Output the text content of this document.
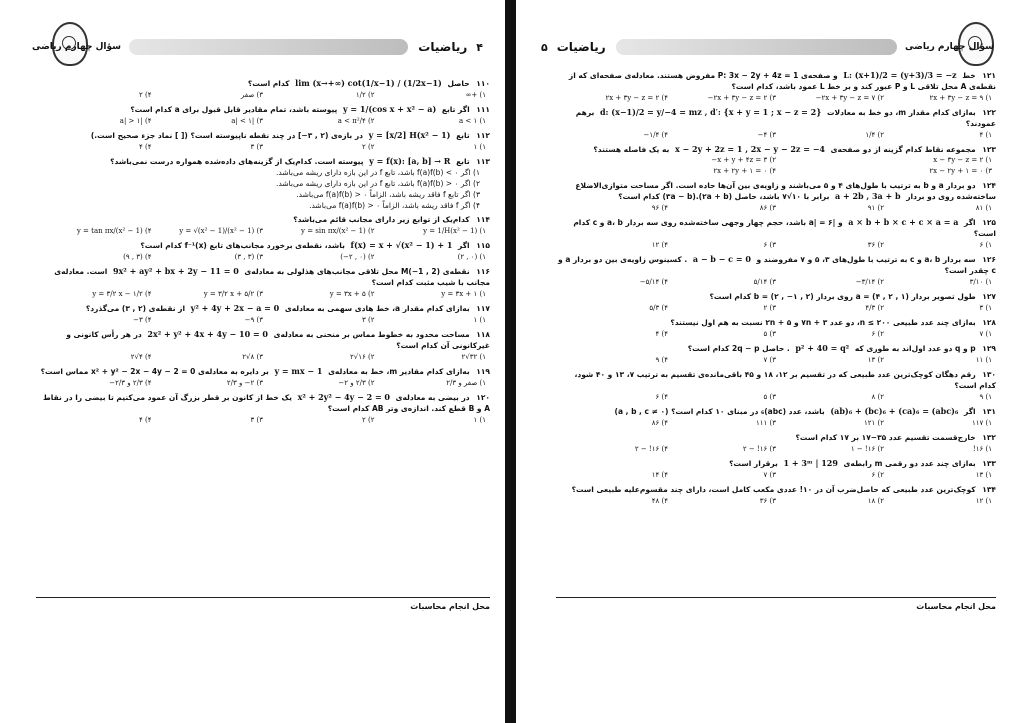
۴
ریاضیات
سؤال چهارم ریاضی
۱۱۰ حاصل lim (x→+∞) cot(1/x−1) / (1/2x−1) کدام است؟
۱) +∞
۲) ۱/۲
۳) صفر
۴) ۲
۱۱۱ اگر تابع y = 1/(cos x + x² − a) پیوسته باشد، تمام مقادیر قابل قبول برای a کدام است؟
۱) a < ۱
۲) a < π²/۴
۳) |a| < ۱
۴) |a| > ۱
۱۱۲ تابع y = [x/2] H(x² − 1) در بازه‌ی (۲ , ۳−] در چند نقطه ناپیوسته است؟ ([ ] نماد جزء صحیح است.)
۱) ۱
۲) ۲
۳) ۳
۴) ۴
۱۱۳ تابع y = f(x): [a, b] → R پیوسته است. کدام‌یک از گزینه‌های داده‌شده همواره درست نمی‌باشد؟
۱) اگر f(a)f(b) < ۰ باشد، تابع f در این بازه دارای ریشه می‌باشد.
۲) اگر f(a)f(b) > ۰ باشد، تابع f در این بازه دارای ریشه می‌باشد.
۳) اگر تابع f فاقد ریشه باشد، الزاماً f(a)f(b) > ۰ می‌باشد.
۴) اگر f فاقد ریشه باشد، الزاماً f(a)f(b) > ۰ می‌باشد.
۱۱۴ کدام‌یک از توابع زیر دارای مجانب قائم می‌باشد؟
۱) y = 1/H(x² − 1)
۲) y = sin πx/(x² − 1)
۳) y = √(x² − 1)/(x² − 1)
۴) y = tan πx/(x² − 1)
۱۱۵ اگر f(x) = x + √(x² − 1) + 1 باشد، نقطه‌ی برخورد مجانب‌های تابع f⁻¹(x) کدام است؟
۱) (۰ , ۲)
۲) (۰ , ۲−)
۳) (۳ , ۳)
۴) (۳ , ۹)
۱۱۶ نقطه‌ی M(−1 , 2) محل تلاقی مجانب‌های هذلولی به معادله‌ی 9x² + ay² + bx + 2y − 11 = 0 است. معادله‌ی مجانب با شیب مثبت کدام است؟
۱) y = ۳x + ۱
۲) y = ۳x + ۵
۳) y = ۳/۲ x + ۵/۲
۴) y = ۳/۲ x − ۱/۲
۱۱۷ به‌ازای کدام مقدار a، خط هادی سهمی به معادله‌ی y² + 4y + 2x − a = 0 از نقطه‌ی (۲ , ۳) می‌گذرد؟
۱) ۱
۲) ۳
۳) ۹−
۴) ۳−
۱۱۸ مساحت محدود به خطوط مماس بر منحنی به معادله‌ی 2x² + y² + 4x + 4y − 10 = 0 در هر رأس کانونی و غیرکانونی آن کدام است؟
۱) ۳۲√۲
۲) ۱۶√۲
۳) ۸√۲
۴) ۴√۲
۱۱۹ به‌ازای کدام مقادیر m، خط به معادله‌ی y = mx − 1 بر دایره به معادله‌ی x² + y² − 2x − 4y − 2 = 0 مماس است؟
۱) صفر و ۲/۳
۲) ۲/۳ و ۲−
۳) ۲− و ۲/۳
۴) ۲/۳ و ۲/۳−
۱۲۰ در بیضی به معادله‌ی x² + 2y² − 4y − 2 = 0 یک خط از کانون بر قطر بزرگ آن عمود می‌کنیم تا بیضی را در نقاط A و B قطع کند. اندازه‌ی وتر AB کدام است؟
۱) ۱
۲) ۲
۳) ۳
۴) ۴
محل انجام محاسبات
سؤال چهارم ریاضی
ریاضیات
۵
۱۲۱ خط L: (x+1)/2 = (y+3)/3 = −z و صفحه‌ی P: 3x − 2y + 4z = 1 مفروض هستند. معادله‌ی صفحه‌ای که از نقطه‌ی A محل تلاقی L و P عبور کند و بر خط L عمود باشد، کدام است؟
۱) ۲x + ۳y − z = ۹
۲) ۲x + ۳y − z = ۷−
۳) ۲x + ۳y − z = ۲−
۴) ۲x + ۳y − z = ۲
۱۲۲ به‌ازای کدام مقدار m، دو خط به معادلات d: (x−1)/2 = y/−4 = mz , d′: {x + y = 1 ; x − z = 2} برهم عمودند؟
۱) ۴
۲) ۱/۴
۳) ۴−
۴) ۱/۴−
۱۲۳ مجموعه نقاط کدام گزینه از دو صفحه‌ی x − 2y + 2z = 1 , 2x − y − 2z = −4 به یک فاصله هستند؟
۱) x − ۳y − z = ۲
۲) x + y + ۴z = ۳−
۳) ۲x − ۲y + ۱ = ۰
۴) ۲x + ۲y + ۱ = ۰
۱۲۴ دو بردار a و b به ترتیب با طول‌های ۴ و ۵ می‌باشند و زاویه‌ی بین آن‌ها حاده است. اگر مساحت متوازی‌الاضلاع ساخته‌شده روی دو بردار a + 2b , 3a + b برابر با ۱۰√۷ باشد، حاصل (۲a + b).(۳a − b) کدام است؟
۱) ۸۱
۲) ۹۱
۳) ۸۶
۴) ۹۶
۱۲۵ اگر a × b + b × c + c × a = a و |a| = ۶ باشد، حجم چهار وجهی ساخته‌شده روی سه بردار a، b و c کدام است؟
۱) ۶
۲) ۳۶
۳) ۶
۴) ۱۲
۱۲۶ سه بردار a، b و c به ترتیب با طول‌های ۳، ۵ و ۷ مفروضند و a − b − c = 0 . کسینوس زاویه‌ی بین دو بردار a و c چقدر است؟
۱) ۳/۱۰
۲) ۳/۱۴−
۳) ۵/۱۴
۴) ۵/۱۴−
۱۲۷ طول تصویر بردار (۱ , ۲ , ۴) = a روی بردار (۲ , ۱− , ۲) = b کدام است؟
۱) ۳
۲) ۴/۳
۳) ۲
۴) ۵/۳
۱۲۸ به‌ازای چند عدد طبیعی n ≤ ۲۰۰، دو عدد ۳ + ۷n و ۵ + ۲n نسبت به هم اول نیستند؟
۱) ۷
۲) ۶
۳) ۵
۴) ۴
۱۲۹ p و q دو عدد اول‌اند به طوری که p² + 40 = q² . حاصل 2q − p کدام است؟
۱) ۱۱
۲) ۱۳
۳) ۷
۴) ۹
۱۳۰ رقم دهگان کوچک‌ترین عدد طبیعی که در تقسیم بر ۱۲، ۱۸ و ۴۵ باقی‌مانده‌ی تقسیم به ترتیب ۷، ۱۳ و ۴۰ شود، کدام است؟
۱) ۹
۲) ۸
۳) ۵
۴) ۶
۱۳۱ اگر (ab)₆ + (bc)₆ + (ca)₆ = (abc)₆ باشد، عدد (abc)₆ در مبنای ۱۰ کدام است؟ (a , b , c ≠ ۰)
۱) ۱۱۷
۲) ۱۲۱
۳) ۱۱۱
۴) ۸۶
۱۳۲ خارج‌قسمت تقسیم عدد ۳۵−۱۷ بر ۱۷ کدام است؟
۱) ۱۶!
۲) ۱۶! − ۱
۳) ۱۶! − ۲
۴) ۱۶! − ۲
۱۳۳ به‌ازای چند عدد دو رقمی m رابطه‌ی 1 + 3ᵐ | 129 برقرار است؟
۱) ۱۳
۲) ۶
۳) ۷
۴) ۱۴
۱۳۴ کوچک‌ترین عدد طبیعی که حاصل‌ضرب آن در ۱۰! عددی مکعب کامل است، دارای چند مقسوم‌علیه طبیعی است؟
۱) ۱۲
۲) ۱۸
۳) ۳۶
۴) ۴۸
محل انجام محاسبات
